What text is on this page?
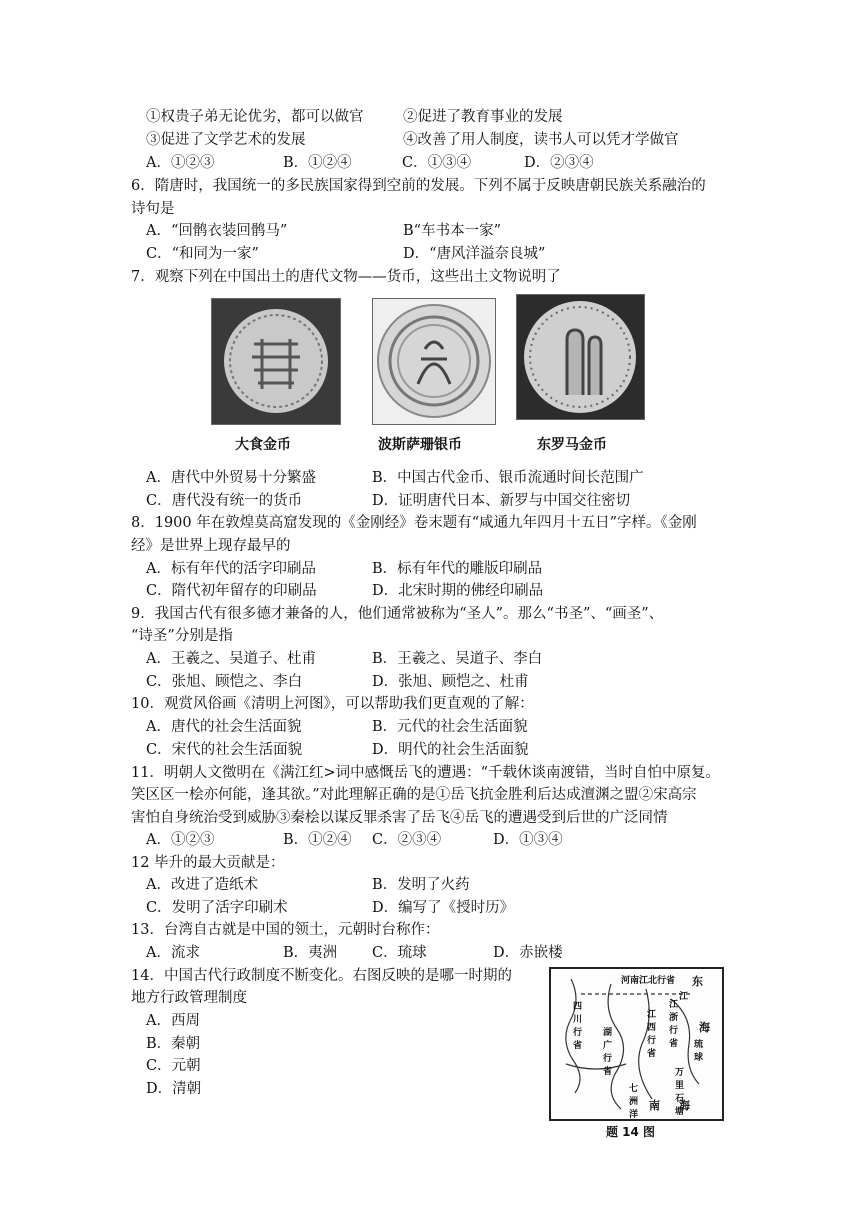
①权贵子弟无论优劣，都可以做官	②促进了教育事业的发展
③促进了文学艺术的发展	④改善了用人制度，读书人可以凭才学做官
A．①②③	B．①②④	C．①③④	D．②③④
6．隋唐时，我国统一的多民族国家得到空前的发展。下列不属于反映唐朝民族关系融治的
诗句是
A．“回鹘衣装回鹘马”	B“车书本一家”
C．“和同为一家”	D．“唐风洋溢奈良城”
7．观察下列在中国出土的唐代文物——货币，这些出土文物说明了
大食金币	波斯萨珊银币	东罗马金币
A．唐代中外贸易十分繁盛	B．中国古代金币、银币流通时间长范围广
C．唐代没有统一的货币	D．证明唐代日本、新罗与中国交往密切
8．1900 年在敦煌莫高窟发现的《金刚经》卷末题有“咸通九年四月十五日”字样。《金刚
经》是世界上现存最早的
A．标有年代的活字印刷品	B．标有年代的雕版印刷品
C．隋代初年留存的印刷品	D．北宋时期的佛经印刷品
9．我国古代有很多德才兼备的人，他们通常被称为“圣人”。那么“书圣”、“画圣”、
“诗圣”分别是指
A．王羲之、吴道子、杜甫	B．王羲之、吴道子、李白
C．张旭、顾恺之、李白	D．张旭、顾恺之、杜甫
10．观赏风俗画《清明上河图》，可以帮助我们更直观的了解：
A．唐代的社会生活面貌	B．元代的社会生活面貌
C．宋代的社会生活面貌	D．明代的社会生活面貌
11．明朝人文徵明在《满江红>词中感慨岳飞的遭遇：“千载休谈南渡错，当时自怕中原复。
笑区区一桧亦何能，逢其欲。”对此理解正确的是①岳飞抗金胜利后达成澶渊之盟②宋高宗
害怕自身统治受到威胁③秦桧以谋反罪杀害了岳飞④岳飞的遭遇受到后世的广泛同情
A．①②③	B．①②④ C．②③④	D．①③④
12 毕升的最大贡献是：
A．改进了造纸术	B．发明了火药
C．发明了活字印刷术	D．编写了《授时历》
13．台湾自古就是中国的领土，元朝时台称作：
A．流求	B．夷洲 C．琉球	D．赤嵌楼
14．中国古代行政制度不断变化。右图反映的是哪一时期的
地方行政管理制度
A．西周
B．秦朝
C．元朝
D．清朝
河南江北行省 东
江
海
四川行省
江浙行省
江西行省
湖广行省
琉球
万里石塘
七洲洋
南 海
题 14 图
